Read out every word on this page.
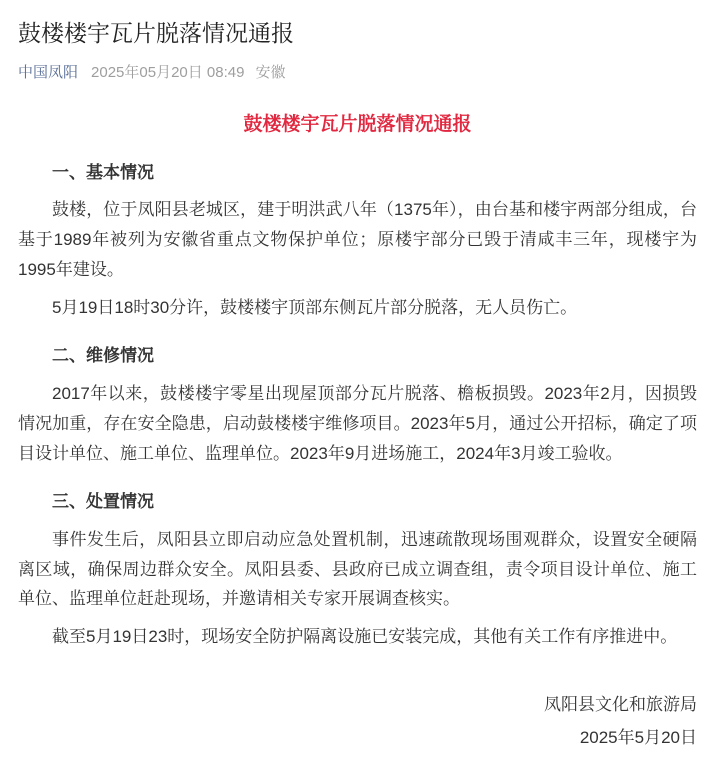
鼓楼楼宇瓦片脱落情况通报
中国凤阳 2025年05月20日 08:49 安徽

鼓楼楼宇瓦片脱落情况通报

一、基本情况

鼓楼，位于凤阳县老城区，建于明洪武八年（1375年），由台基和楼宇两部分组成，台基于1989年被列为安徽省重点文物保护单位；原楼宇部分已毁于清咸丰三年，现楼宇为1995年建设。

5月19日18时30分许，鼓楼楼宇顶部东侧瓦片部分脱落，无人员伤亡。

二、维修情况

2017年以来，鼓楼楼宇零星出现屋顶部分瓦片脱落、檐板损毁。2023年2月，因损毁情况加重，存在安全隐患，启动鼓楼楼宇维修项目。2023年5月，通过公开招标，确定了项目设计单位、施工单位、监理单位。2023年9月进场施工，2024年3月竣工验收。

三、处置情况

事件发生后，凤阳县立即启动应急处置机制，迅速疏散现场围观群众，设置安全硬隔离区域，确保周边群众安全。凤阳县委、县政府已成立调查组，责令项目设计单位、施工单位、监理单位赶赴现场，并邀请相关专家开展调查核实。

截至5月19日23时，现场安全防护隔离设施已安装完成，其他有关工作有序推进中。

凤阳县文化和旅游局

2025年5月20日
